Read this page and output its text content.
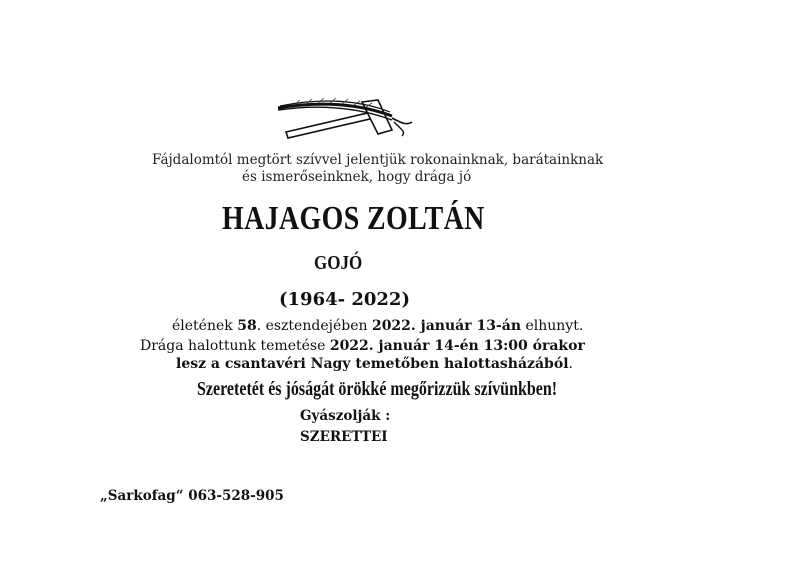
Fájdalomtól megtört szívvel jelentjük rokonainknak, barátainknak
és ismerőseinknek, hogy drága jó
HAJAGOS ZOLTÁN
GOJÓ
(1964- 2022)
életének 58. esztendejében 2022. január 13-án elhunyt.
Drága halottunk temetése 2022. január 14-én 13:00 órakor
lesz a csantavéri Nagy temetőben halottasházából.
Szeretetét és jóságát örökké megőrizzük szívünkben!
Gyászolják :
SZERETTEI
„Sarkofag“ 063-528-905
